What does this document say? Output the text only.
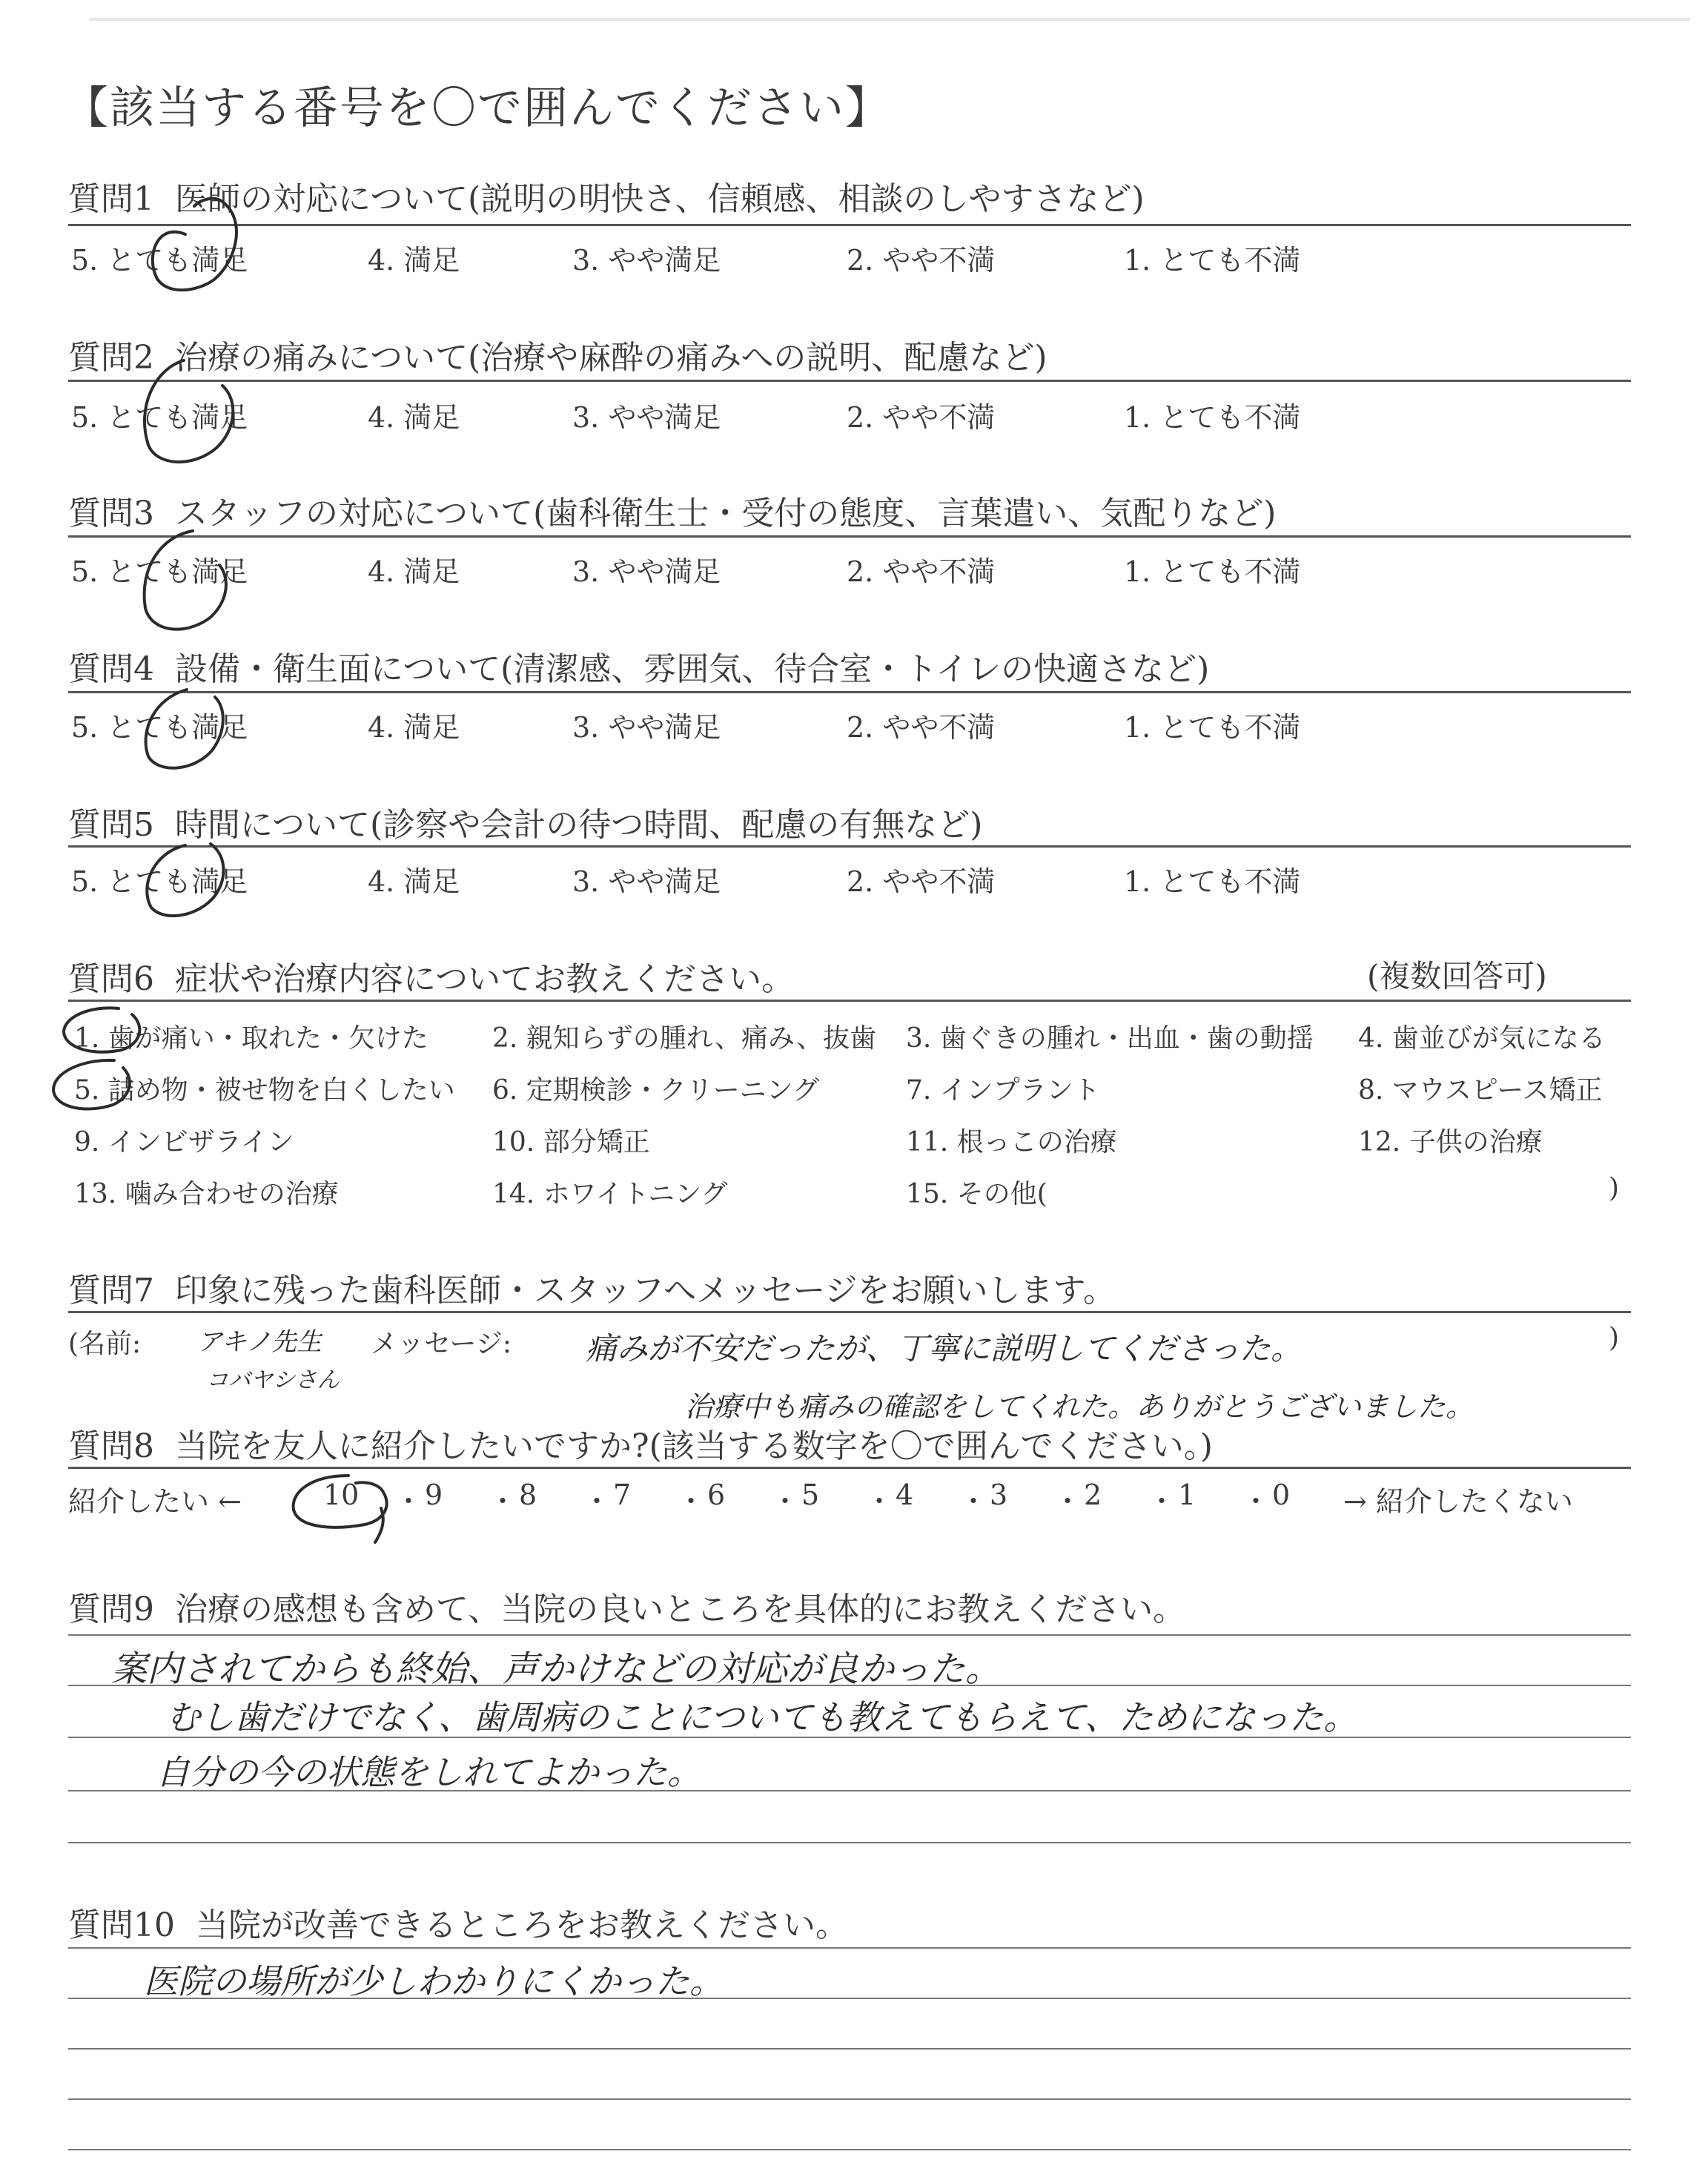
【該当する番号を〇で囲んでください】
質問1 医師の対応について(説明の明快さ、信頼感、相談のしやすさなど)
5. とても満足	4. 満足	3. やや満足	2. やや不満	1. とても不満
質問2 治療の痛みについて(治療や麻酔の痛みへの説明、配慮など)
5. とても満足	4. 満足	3. やや満足	2. やや不満	1. とても不満
質問3 スタッフの対応について(歯科衛生士・受付の態度、言葉遣い、気配りなど)
5. とても満足	4. 満足	3. やや満足	2. やや不満	1. とても不満
質問4 設備・衛生面について(清潔感、雰囲気、待合室・トイレの快適さなど)
5. とても満足	4. 満足	3. やや満足	2. やや不満	1. とても不満
質問5 時間について(診察や会計の待つ時間、配慮の有無など)
5. とても満足	4. 満足	3. やや満足	2. やや不満	1. とても不満
質問6 症状や治療内容についてお教えください。	(複数回答可)
1. 歯が痛い・取れた・欠けた 2. 親知らずの腫れ、痛み、抜歯 3. 歯ぐきの腫れ・出血・歯の動揺 4. 歯並びが気になる
5. 詰め物・被せ物を白くしたい 6. 定期検診・クリーニング	7. インプラント	8. マウスピース矯正
9. インビザライン	10. 部分矯正	11. 根っこの治療	12. 子供の治療
13. 噛み合わせの治療	14. ホワイトニング	15. その他(	)
質問7 印象に残った歯科医師・スタッフへメッセージをお願いします。
(名前: アキノ先生
コバヤシさん
メッセージ: 痛みが不安だったが、丁寧に説明してくださった。
治療中も痛みの確認をしてくれた。ありがとうございました。
)
質問8 当院を友人に紹介したいですか?(該当する数字を〇で囲んでください。)
紹介したい ←	→ 紹介したくない
10 ・ 9 ・ 8 ・ 7 ・ 6 ・ 5 ・ 4 ・ 3 ・ 2 ・ 1 ・ 0
質問9 治療の感想も含めて、当院の良いところを具体的にお教えください。
案内されてからも終始、声かけなどの対応が良かった。
むし歯だけでなく、歯周病のことについても教えてもらえて、ためになった。
自分の今の状態をしれてよかった。
質問10 当院が改善できるところをお教えください。
医院の場所が少しわかりにくかった。
